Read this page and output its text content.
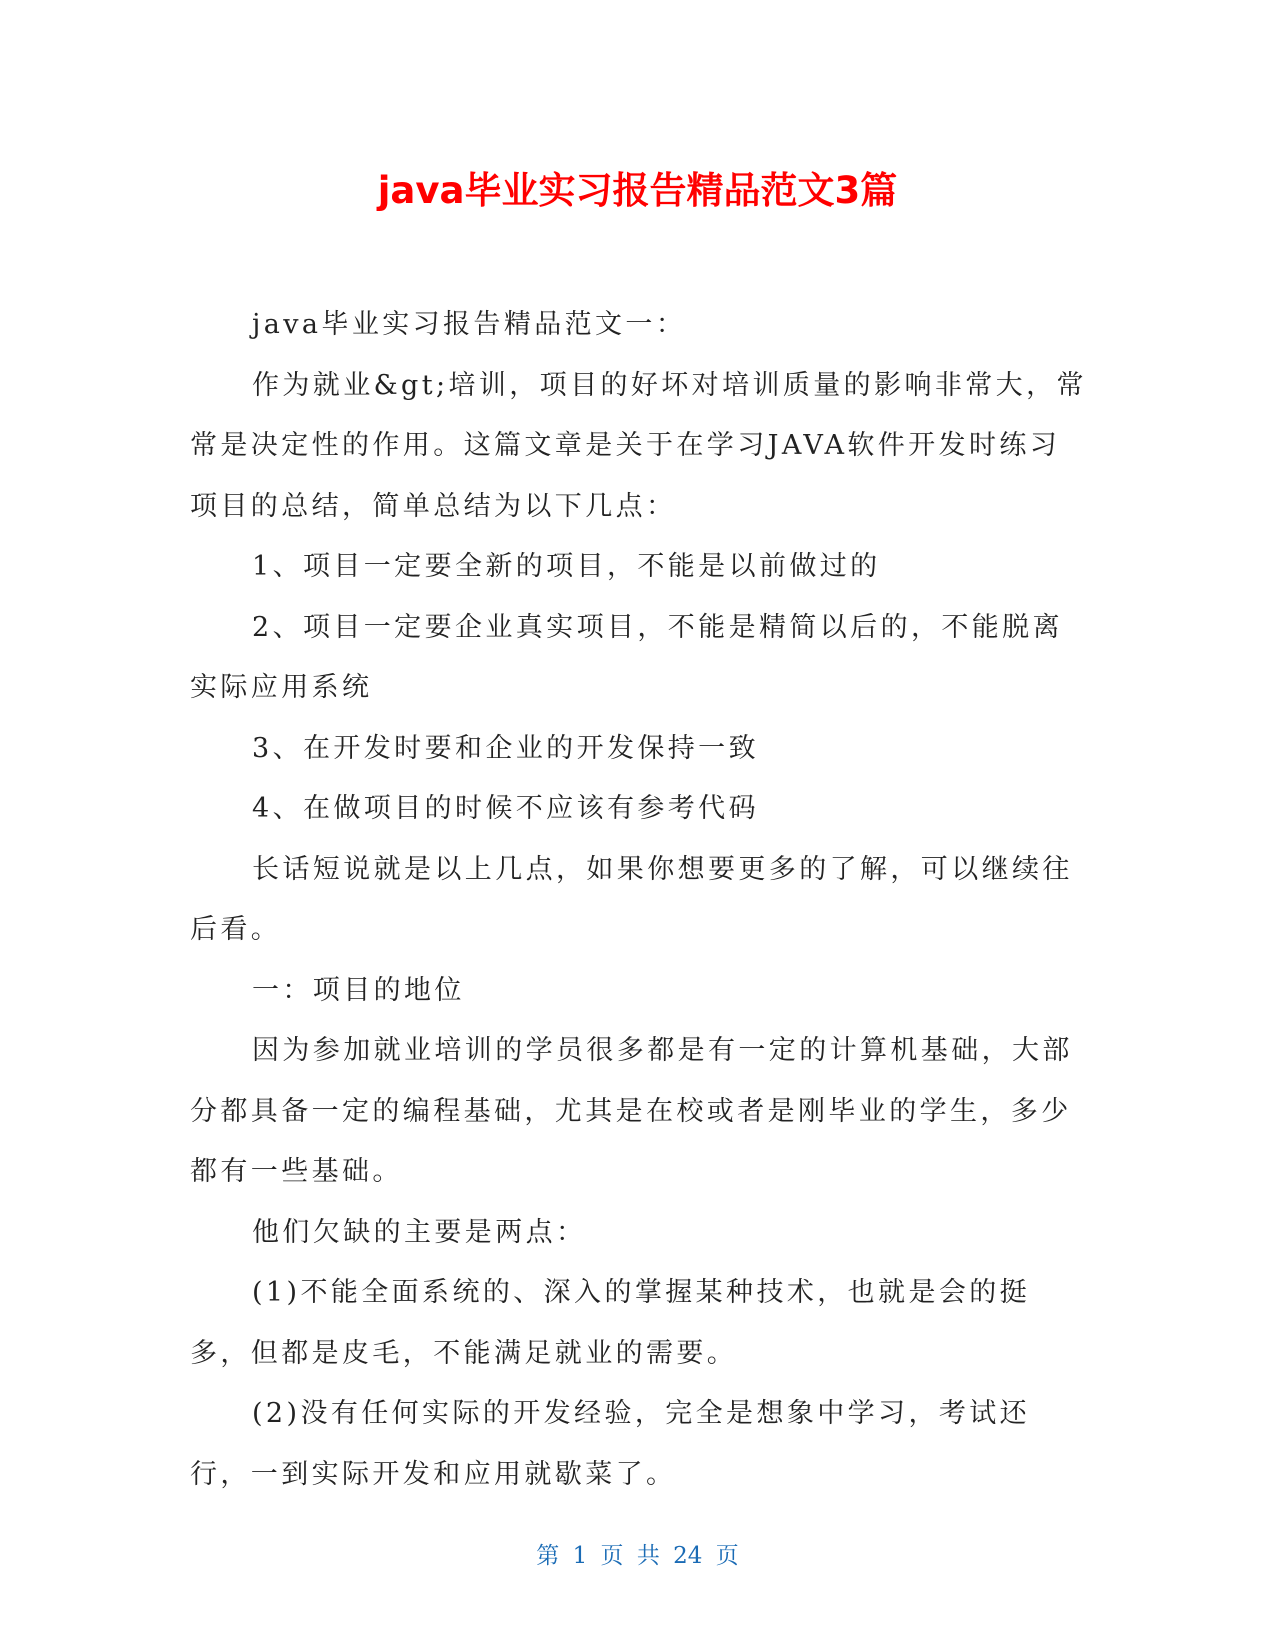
java毕业实习报告精品范文3篇

java毕业实习报告精品范文一：

作为就业&gt;培训，项目的好坏对培训质量的影响非常大，常常是决定性的作用。这篇文章是关于在学习JAVA软件开发时练习项目的总结，简单总结为以下几点：

1、项目一定要全新的项目，不能是以前做过的

2、项目一定要企业真实项目，不能是精简以后的，不能脱离实际应用系统

3、在开发时要和企业的开发保持一致

4、在做项目的时候不应该有参考代码

长话短说就是以上几点，如果你想要更多的了解，可以继续往后看。

一：项目的地位

因为参加就业培训的学员很多都是有一定的计算机基础，大部分都具备一定的编程基础，尤其是在校或者是刚毕业的学生，多少都有一些基础。

他们欠缺的主要是两点：

(1)不能全面系统的、深入的掌握某种技术，也就是会的挺多，但都是皮毛，不能满足就业的需要。

(2)没有任何实际的开发经验，完全是想象中学习，考试还行，一到实际开发和应用就歇菜了。

第 1 页 共 24 页
